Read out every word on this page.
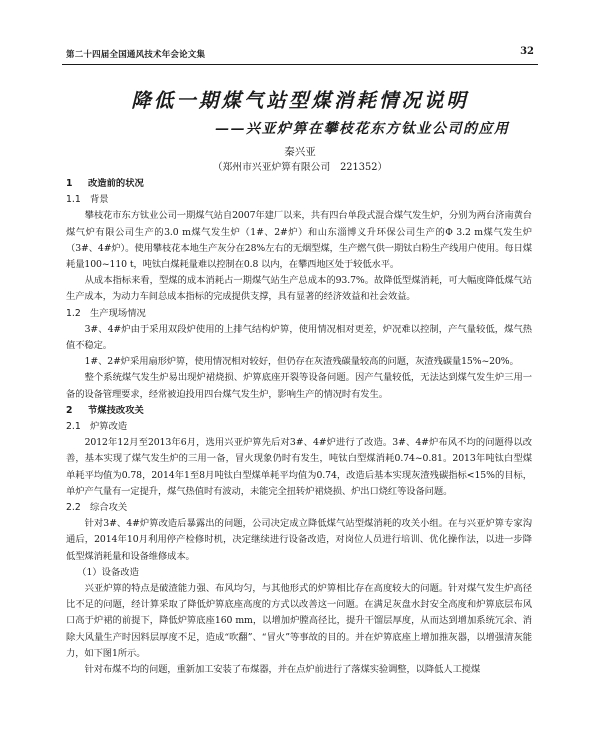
第二十四届全国通风技术年会论文集	32
降低一期煤气站型煤消耗情况说明
——兴亚炉箅在攀枝花东方钛业公司的应用
秦兴亚
（郑州市兴亚炉箅有限公司　221352）

1 改造前的状况

1.1 背景

攀枝花市东方钛业公司一期煤气站自2007年建厂以来，共有四台单段式混合煤气发生炉，分别为两台济南黄台煤气炉有限公司生产的3.0 m煤气发生炉（1#、2#炉）和山东淄博义升环保公司生产的Φ 3.2 m煤气发生炉（3#、4#炉）。使用攀枝花本地生产灰分在28%左右的无烟型煤，生产燃气供一期钛白粉生产线用户使用。每日煤耗量100~110 t，吨钛白煤耗量难以控制在0.8 以内，在攀西地区处于较低水平。

从成本指标来看，型煤的成本消耗占一期煤气站生产总成本的93.7%。故降低型煤消耗，可大幅度降低煤气站生产成本，为动力车间总成本指标的完成提供支撑，具有显著的经济效益和社会效益。

1.2 生产现场情况

3#、4#炉由于采用双段炉使用的上排气结构炉箅，使用情况相对更差，炉况难以控制，产气量较低，煤气热值不稳定。

1#、2#炉采用扇形炉箅，使用情况相对较好，但仍存在灰渣残碳量较高的问题，灰渣残碳量15%~20%。

整个系统煤气发生炉易出现炉裙烧损、炉箅底座开裂等设备问题。因产气量较低，无法达到煤气发生炉三用一备的设备管理要求，经常被迫投用四台煤气发生炉，影响生产的情况时有发生。

2 节煤技改攻关

2.1 炉箅改造

2012年12月至2013年6月，选用兴亚炉箅先后对3#、4#炉进行了改造。3#、4#炉布风不均的问题得以改善，基本实现了煤气发生炉的三用一备，冒火现象仍时有发生，吨钛白型煤消耗0.74~0.81。2013年吨钛白型煤单耗平均值为0.78，2014年1至8月吨钛白型煤单耗平均值为0.74，改造后基本实现灰渣残碳指标<15%的目标，单炉产气量有一定提升，煤气热值时有波动，未能完全扭转炉裙烧损、炉出口烧红等设备问题。

2.2 综合攻关

针对3#、4#炉箅改造后暴露出的问题，公司决定成立降低煤气站型煤消耗的攻关小组。在与兴亚炉箅专家沟通后，2014年10月利用停产检修时机，决定继续进行设备改造，对岗位人员进行培训、优化操作法，以进一步降低型煤消耗量和设备维修成本。

（1）设备改造

兴亚炉箅的特点是破渣能力强、布风均匀，与其他形式的炉箅相比存在高度较大的问题。针对煤气发生炉高径比不足的问题，经计算采取了降低炉箅底座高度的方式以改善这一问题。在满足灰盘水封安全高度和炉箅底层布风口高于炉裙的前提下，降低炉箅底座160 mm，以增加炉膛高径比，提升干馏层厚度，从而达到增加系统冗余、消除大风量生产时因料层厚度不足，造成“吹翻”、“冒火”等事故的目的。并在炉箅底座上增加推灰器，以增强清灰能力，如下图1所示。

针对布煤不均的问题，重新加工安装了布煤器，并在点炉前进行了落煤实验调整，以降低人工搅煤
